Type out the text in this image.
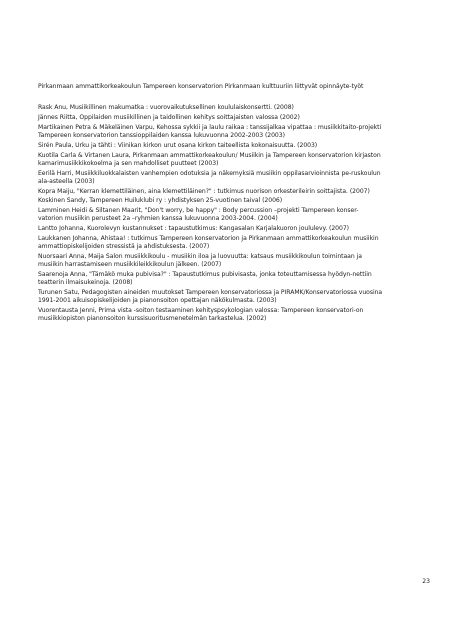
Pirkanmaan ammattikorkeakoulun Tampereen konservatorion Pirkanmaan kulttuuriin liittyvät opinnäyte-työt
Rask Anu, Musiikillinen makumatka : vuorovaikutuksellinen koululaiskonsertti. (2008)
Jännes Riitta, Oppilaiden musiikillinen ja taidollinen kehitys soittajaisten valossa (2002)
Martikainen Petra & Mäkeläinen Varpu, Kehossa sykkii ja laulu raikaa : tanssijalkaa vipattaa : musiikkitaito-projekti Tampereen konservatorion tanssioppilaiden kanssa lukuvuonna 2002-2003 (2003)
Sirén Paula, Urku ja tähti : Viinikan kirkon urut osana kirkon taiteellista kokonaisuutta. (2003)
Kuotila Carla & Virtanen Laura, Pirkanmaan ammattikorkeakoulun/ Musiikin ja Tampereen konservatorion kirjaston kamarimusiikkikokoelma ja sen mahdolliset puutteet (2003)
Eerilä Harri, Musiikkiluokkalaisten vanhempien odotuksia ja näkemyksiä musiikin oppilasarvioinnista pe-ruskoulun ala-asteella (2003)
Kopra Maiju, "Kerran klemettiläinen, aina klemettiläinen?" : tutkimus nuorison orkesterileirin soittajista. (2007)
Koskinen Sandy, Tampereen Huiluklubi ry : yhdistyksen 25-vuotinen taival (2006)
Lamminen Heidi & Siltanen Maarit, "Don't worry, be happy" : Body percussion –projekti Tampereen konser-vatorion musiikin perusteet 2a –ryhmien kanssa lukuvuonna 2003-2004. (2004)
Lantto Johanna, Kuorolevyn kustannukset : tapaustutkimus: Kangasalan Karjalakuoron joululevy. (2007)
Laukkanen Johanna, Ahistaa! : tutkimus Tampereen konservatorion ja Pirkanmaan ammattikorkeakoulun musiikin ammattiopiskelijoiden stressistä ja ahdistuksesta. (2007)
Nuorsaari Anna, Maija Salon musiikkikoulu - musiikin iloa ja luovuutta: katsaus musiikkikoulun toimintaan ja musiikin harrastamiseen musiikkileikkikoulun jälkeen. (2007)
Saarenoja Anna, "Tämäkö muka pubivisa?" : Tapaustutkimus pubivisasta, jonka toteuttamisessa hyödyn-nettiin teatterin ilmaisukeinoja. (2008)
Turunen Satu, Pedagogisten aineiden muutokset Tampereen konservatoriossa ja PIRAMK/Konservatoriossa vuosina 1991-2001 aikuisopiskelijoiden ja pianonsoiton opettajan näkökulmasta. (2003)
Vuorentausta Jenni, Prima vista -soiton testaaminen kehityspsykologian valossa: Tampereen konservatori-on musiikkiopiston pianonsoiton kurssisuoritusmenetelmän tarkastelua. (2002)
23
